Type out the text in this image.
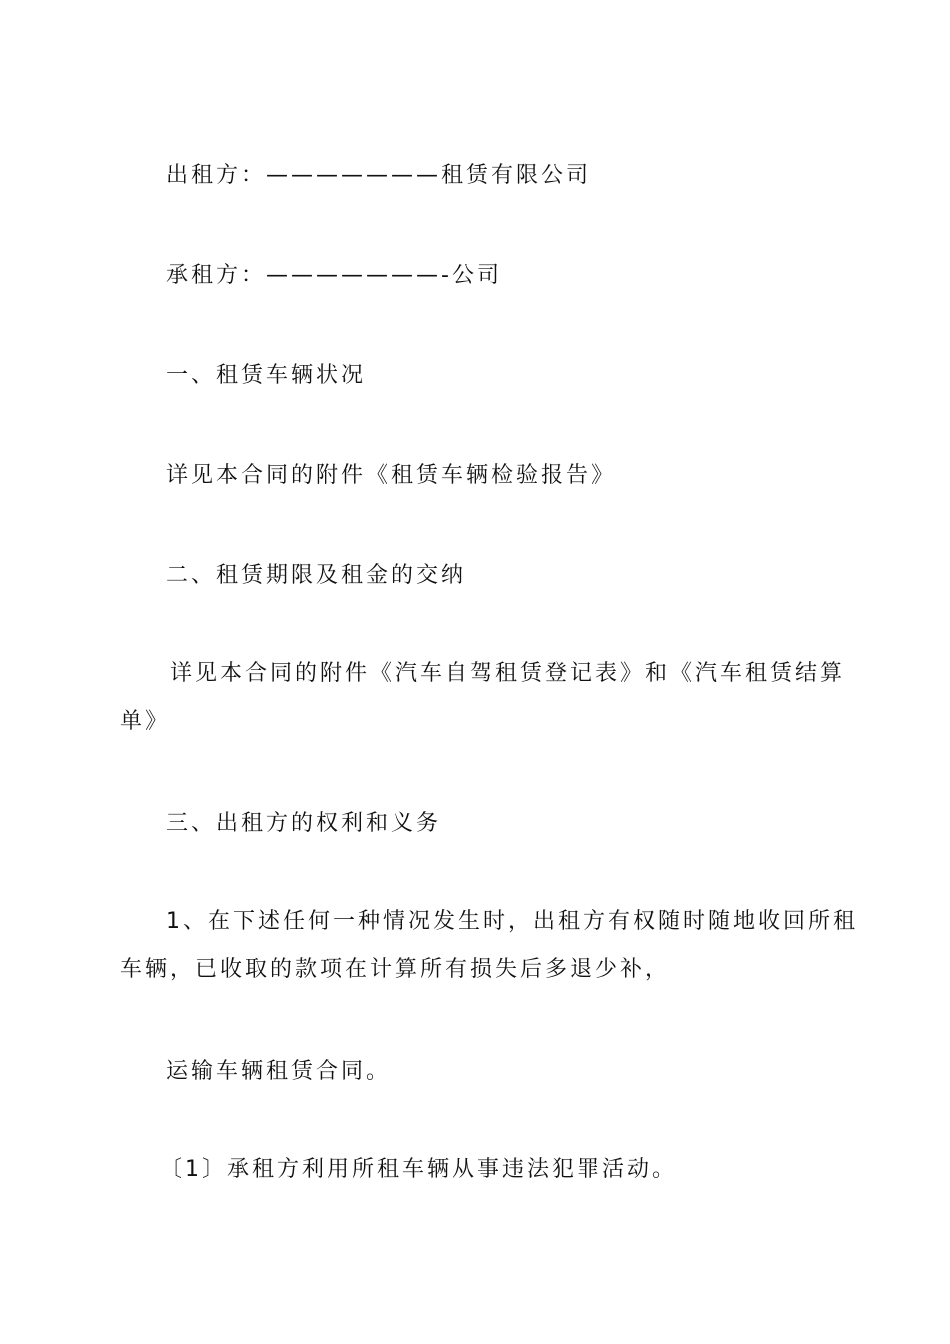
出租方：———————租赁有限公司

承租方：———————-公司

一、租赁车辆状况

详见本合同的附件《租赁车辆检验报告》

二、租赁期限及租金的交纳

详见本合同的附件《汽车自驾租赁登记表》和《汽车租赁结算
单》

三、出租方的权利和义务

1、在下述任何一种情况发生时，出租方有权随时随地收回所租
车辆，已收取的款项在计算所有损失后多退少补，

运输车辆租赁合同。

〔1〕承租方利用所租车辆从事违法犯罪活动。
